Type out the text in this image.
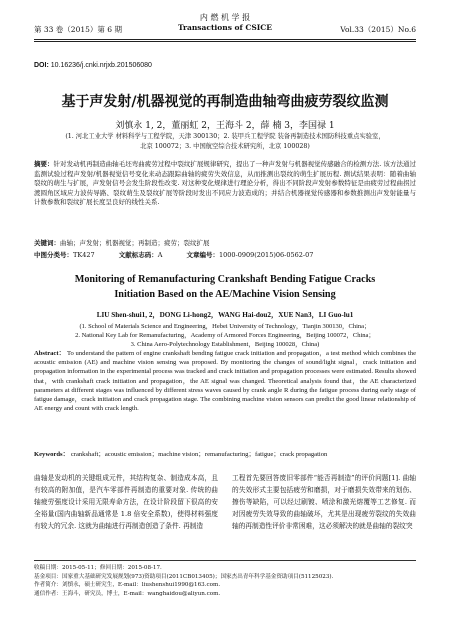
第 33 卷（2015）第 6 期
内 燃 机 学 报
Transactions of CSICE	Vol.33（2015）No.6
DOI: 10.16236/j.cnki.nrjxb.201506080
基于声发射/机器视觉的再制造曲轴弯曲疲劳裂纹监测
刘慎永 1, 2，董丽虹 2，王海斗 2，薛 楠 3，李国禄 1
(1. 河北工业大学 材料科学与工程学院，天津 300130；2. 装甲兵工程学院 装备再制造技术国防科技重点实验室，
北京 100072；3. 中国航空综合技术研究所，北京 100028)
摘要：针对发动机再制造曲轴毛坯弯曲疲劳过程中裂纹扩展规律研究，提出了一种声发射与机器视觉传感融合的检测方法. 该方法通过监测试验过程声发射/机器视觉信号变化来动态跟踪曲轴的疲劳失效信息，从而推测出裂纹的萌生扩展历程. 测试结果表明：随着曲轴裂纹的萌生与扩展，声发射信号会发生阶段性改变. 对这种变化规律进行理论分析，得出不同阶段声发射参数特征是由疲劳过程曲拐过渡圆角区域应力波传导路、裂纹萌生及裂纹扩展等阶段时发出不同应力波造成的；并结合机器视觉传感器和参数推测出声发射能量与计数参数和裂纹扩展长度呈良好的线性关系.
关键词：曲轴；声发射；机器视觉；再制造；疲劳；裂纹扩展
中图分类号：TK427	文献标志码：A	文章编号：1000-0909(2015)06-0562-07
Monitoring of Remanufacturing Crankshaft Bending Fatigue Cracks
Initiation Based on the AE/Machine Vision Sensing
LIU Shen-shui1, 2，DONG Li-hong2，WANG Hai-dou2，XUE Nan3，LI Guo-lu1
(1. School of Materials Science and Engineering，Hebei University of Technology，Tianjin 300130，China；
2. National Key Lab for Remanufacturing，Academy of Armored Forces Engineering，Beijing 100072，China；
3. China Aero-Polytechnology Establishment，Beijing 100028，China)
Abstract： To understand the pattern of engine crankshaft bending fatigue crack initiation and propagation，a test method which combines the acoustic emission (AE) and machine vision sensing was proposed. By monitoring the changes of sound/light signal，crack initiation and propagation information in the experimental process was tracked and crack initiation and propagation processes were estimated. Results showed that，with crankshaft crack initiation and propagation，the AE signal was changed. Theoretical analysis found that，the AE characterized parameters at different stages was influenced by different stress waves caused by crank angle R during the fatigue process during early stage of fatigue damage，crack initiation and crack propagation stage. The combining machine vision sensors can predict the good linear relationship of AE energy and count with crack length.
Keywords： crankshaft；acoustic emission；machine vision；remanufacturing；fatigue；crack propagation
曲轴是发动机的关键组成元件，其结构复杂、制造成本高，且有较高的附加值，是汽车零部件再制造的重要对象. 传统的曲轴疲劳强度设计采用无限寿命方法，在设计阶段留下很高的安全裕量(国内曲轴新品通常是 1.8 倍安全系数)，使得材料强度有较大的冗余. 这就为曲轴进行再制造创造了条件. 再制造
工程首先要回答废旧零部件“能否再制造”的评价问题[1]. 曲轴的失效形式主要包括疲劳和磨损，对于磨损失效带来的划伤、擦伤等缺陷，可以经过刷镀、喷涂和激光熔覆等工艺修复. 而对因疲劳失效导致的曲轴破坏，尤其是出现疲劳裂纹的失效曲轴的再制造性评价非常困难，这必须解决的就是曲轴的裂纹突
收稿日期：2015-05-11；修回日期：2015-08-17.
基金项目：国家重大基础研究发展规划(973)资助项目(2011CB013405)；国家杰出青年科学基金资助项目(51125023).
作者简介：刘慎永，硕士研究生，E-mail：liushenshui1990@163.com.
通信作者：王海斗，研究员，博士，E-mail：wanghaidou@aliyun.com.
